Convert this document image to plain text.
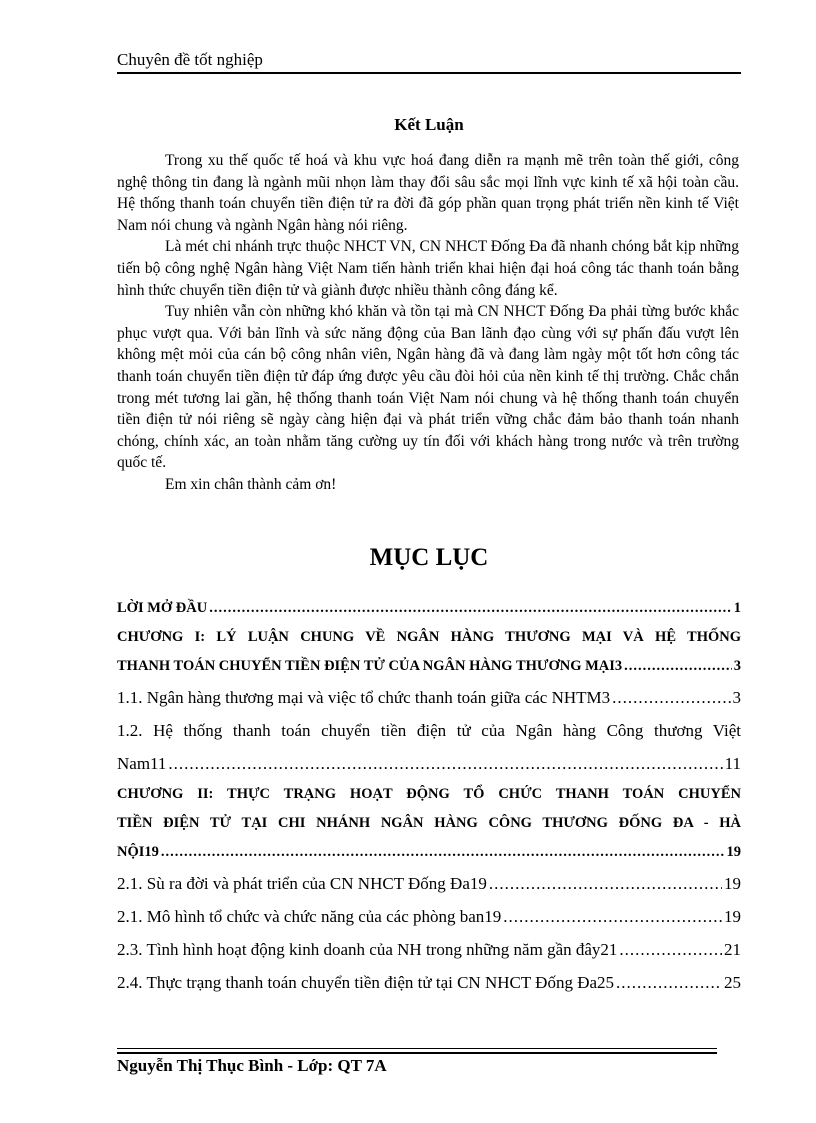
Chuyên đề tốt nghiệp
Kết Luận

Trong xu thế quốc tế hoá và khu vực hoá đang diễn ra mạnh mẽ trên toàn thế giới, công nghệ thông tin đang là ngành mũi nhọn làm thay đổi sâu sắc mọi lĩnh vực kinh tế xã hội toàn cầu. Hệ thống thanh toán chuyển tiền điện tử ra đời đã góp phần quan trọng phát triển nền kinh tế Việt Nam nói chung và ngành Ngân hàng nói riêng.

Là mét chi nhánh trực thuộc NHCT VN, CN NHCT Đống Đa đã nhanh chóng bắt kịp những tiến bộ công nghệ Ngân hàng Việt Nam tiến hành triển khai hiện đại hoá công tác thanh toán bằng hình thức chuyển tiền điện tử và giành được nhiều thành công đáng kể.

Tuy nhiên vẫn còn những khó khăn và tồn tại mà CN NHCT Đống Đa phải từng bước khắc phục vượt qua. Với bản lĩnh và sức năng động của Ban lãnh đạo cùng với sự phấn đấu vượt lên không mệt mỏi của cán bộ công nhân viên, Ngân hàng đã và đang làm ngày một tốt hơn công tác thanh toán chuyển tiền điện tử đáp ứng được yêu cầu đòi hỏi của nền kinh tế thị trường. Chắc chắn trong mét tương lai gần, hệ thống thanh toán Việt Nam nói chung và hệ thống thanh toán chuyển tiền điện tử nói riêng sẽ ngày càng hiện đại và phát triển vững chắc đảm bảo thanh toán nhanh chóng, chính xác, an toàn nhằm tăng cường uy tín đối với khách hàng trong nước và trên trường quốc tế.

Em xin chân thành cảm ơn!

MỤC LỤC
LỜI MỞ ĐẦU .....	1
CHƯƠNG I: LÝ LUẬN CHUNG VỀ NGÂN HÀNG THƯƠNG MẠI VÀ HỆ THỐNG
THANH TOÁN CHUYỂN TIỀN ĐIỆN TỬ CỦA NGÂN HÀNG THƯƠNG MẠI3 .....	3
1.1. Ngân hàng thương mại và việc tổ chức thanh toán giữa các NHTM3 .....	3
1.2. Hệ thống thanh toán chuyển tiền điện tử của Ngân hàng Công thương Việt
Nam11 .....	11
CHƯƠNG II: THỰC TRẠNG HOẠT ĐỘNG TỔ CHỨC THANH TOÁN CHUYỂN
TIỀN ĐIỆN TỬ TẠI CHI NHÁNH NGÂN HÀNG CÔNG THƯƠNG ĐỐNG ĐA - HÀ
NỘI19 .....	19
2.1. Sù ra đời và phát triển của CN NHCT Đống Đa19 .....	19
2.1. Mô hình tổ chức và chức năng của các phòng ban19 .....	19
2.3. Tình hình hoạt động kinh doanh của NH trong những năm gần đây21 .....	21
2.4. Thực trạng thanh toán chuyển tiền điện tử tại CN NHCT Đống Đa25 .....	25
Nguyễn Thị Thục Bình - Lớp: QT 7A
